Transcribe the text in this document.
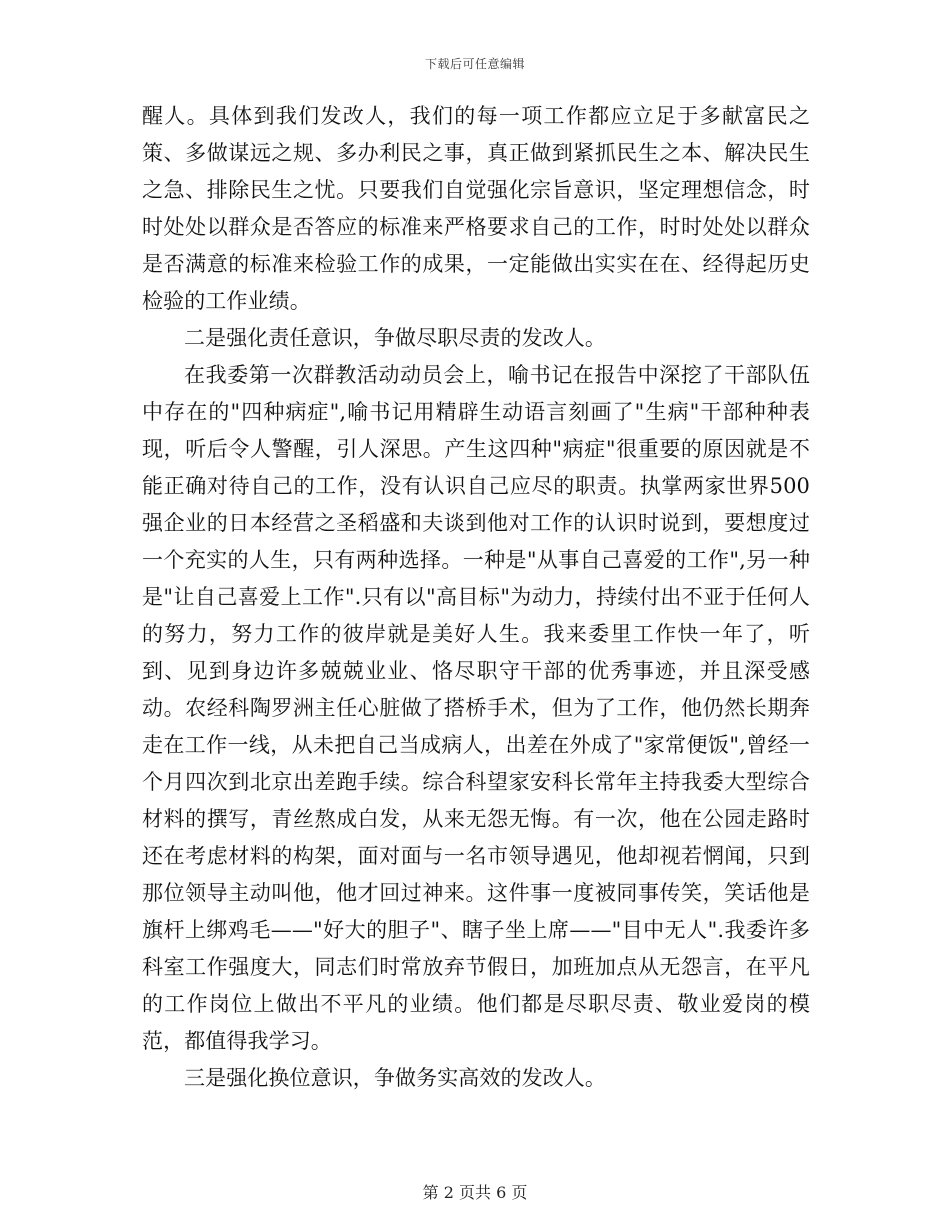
下载后可任意编辑

醒人。具体到我们发改人，我们的每一项工作都应立足于多献富民之策、多做谋远之规、多办利民之事，真正做到紧抓民生之本、解决民生之急、排除民生之忧。只要我们自觉强化宗旨意识，坚定理想信念，时时处处以群众是否答应的标准来严格要求自己的工作，时时处处以群众是否满意的标准来检验工作的成果，一定能做出实实在在、经得起历史检验的工作业绩。

二是强化责任意识，争做尽职尽责的发改人。

在我委第一次群教活动动员会上，喻书记在报告中深挖了干部队伍中存在的"四种病症",喻书记用精辟生动语言刻画了"生病"干部种种表现，听后令人警醒，引人深思。产生这四种"病症"很重要的原因就是不能正确对待自己的工作，没有认识自己应尽的职责。执掌两家世界500强企业的日本经营之圣稻盛和夫谈到他对工作的认识时说到，要想度过一个充实的人生，只有两种选择。一种是"从事自己喜爱的工作",另一种是"让自己喜爱上工作".只有以"高目标"为动力，持续付出不亚于任何人的努力，努力工作的彼岸就是美好人生。我来委里工作快一年了，听到、见到身边许多兢兢业业、恪尽职守干部的优秀事迹，并且深受感动。农经科陶罗洲主任心脏做了搭桥手术，但为了工作，他仍然长期奔走在工作一线，从未把自己当成病人，出差在外成了"家常便饭",曾经一个月四次到北京出差跑手续。综合科望家安科长常年主持我委大型综合材料的撰写，青丝熬成白发，从来无怨无悔。有一次，他在公园走路时还在考虑材料的构架，面对面与一名市领导遇见，他却视若惘闻，只到那位领导主动叫他，他才回过神来。这件事一度被同事传笑，笑话他是旗杆上绑鸡毛——"好大的胆子"、瞎子坐上席——"目中无人".我委许多科室工作强度大，同志们时常放弃节假日，加班加点从无怨言，在平凡的工作岗位上做出不平凡的业绩。他们都是尽职尽责、敬业爱岗的模范，都值得我学习。

三是强化换位意识，争做务实高效的发改人。

第 2 页共 6 页
